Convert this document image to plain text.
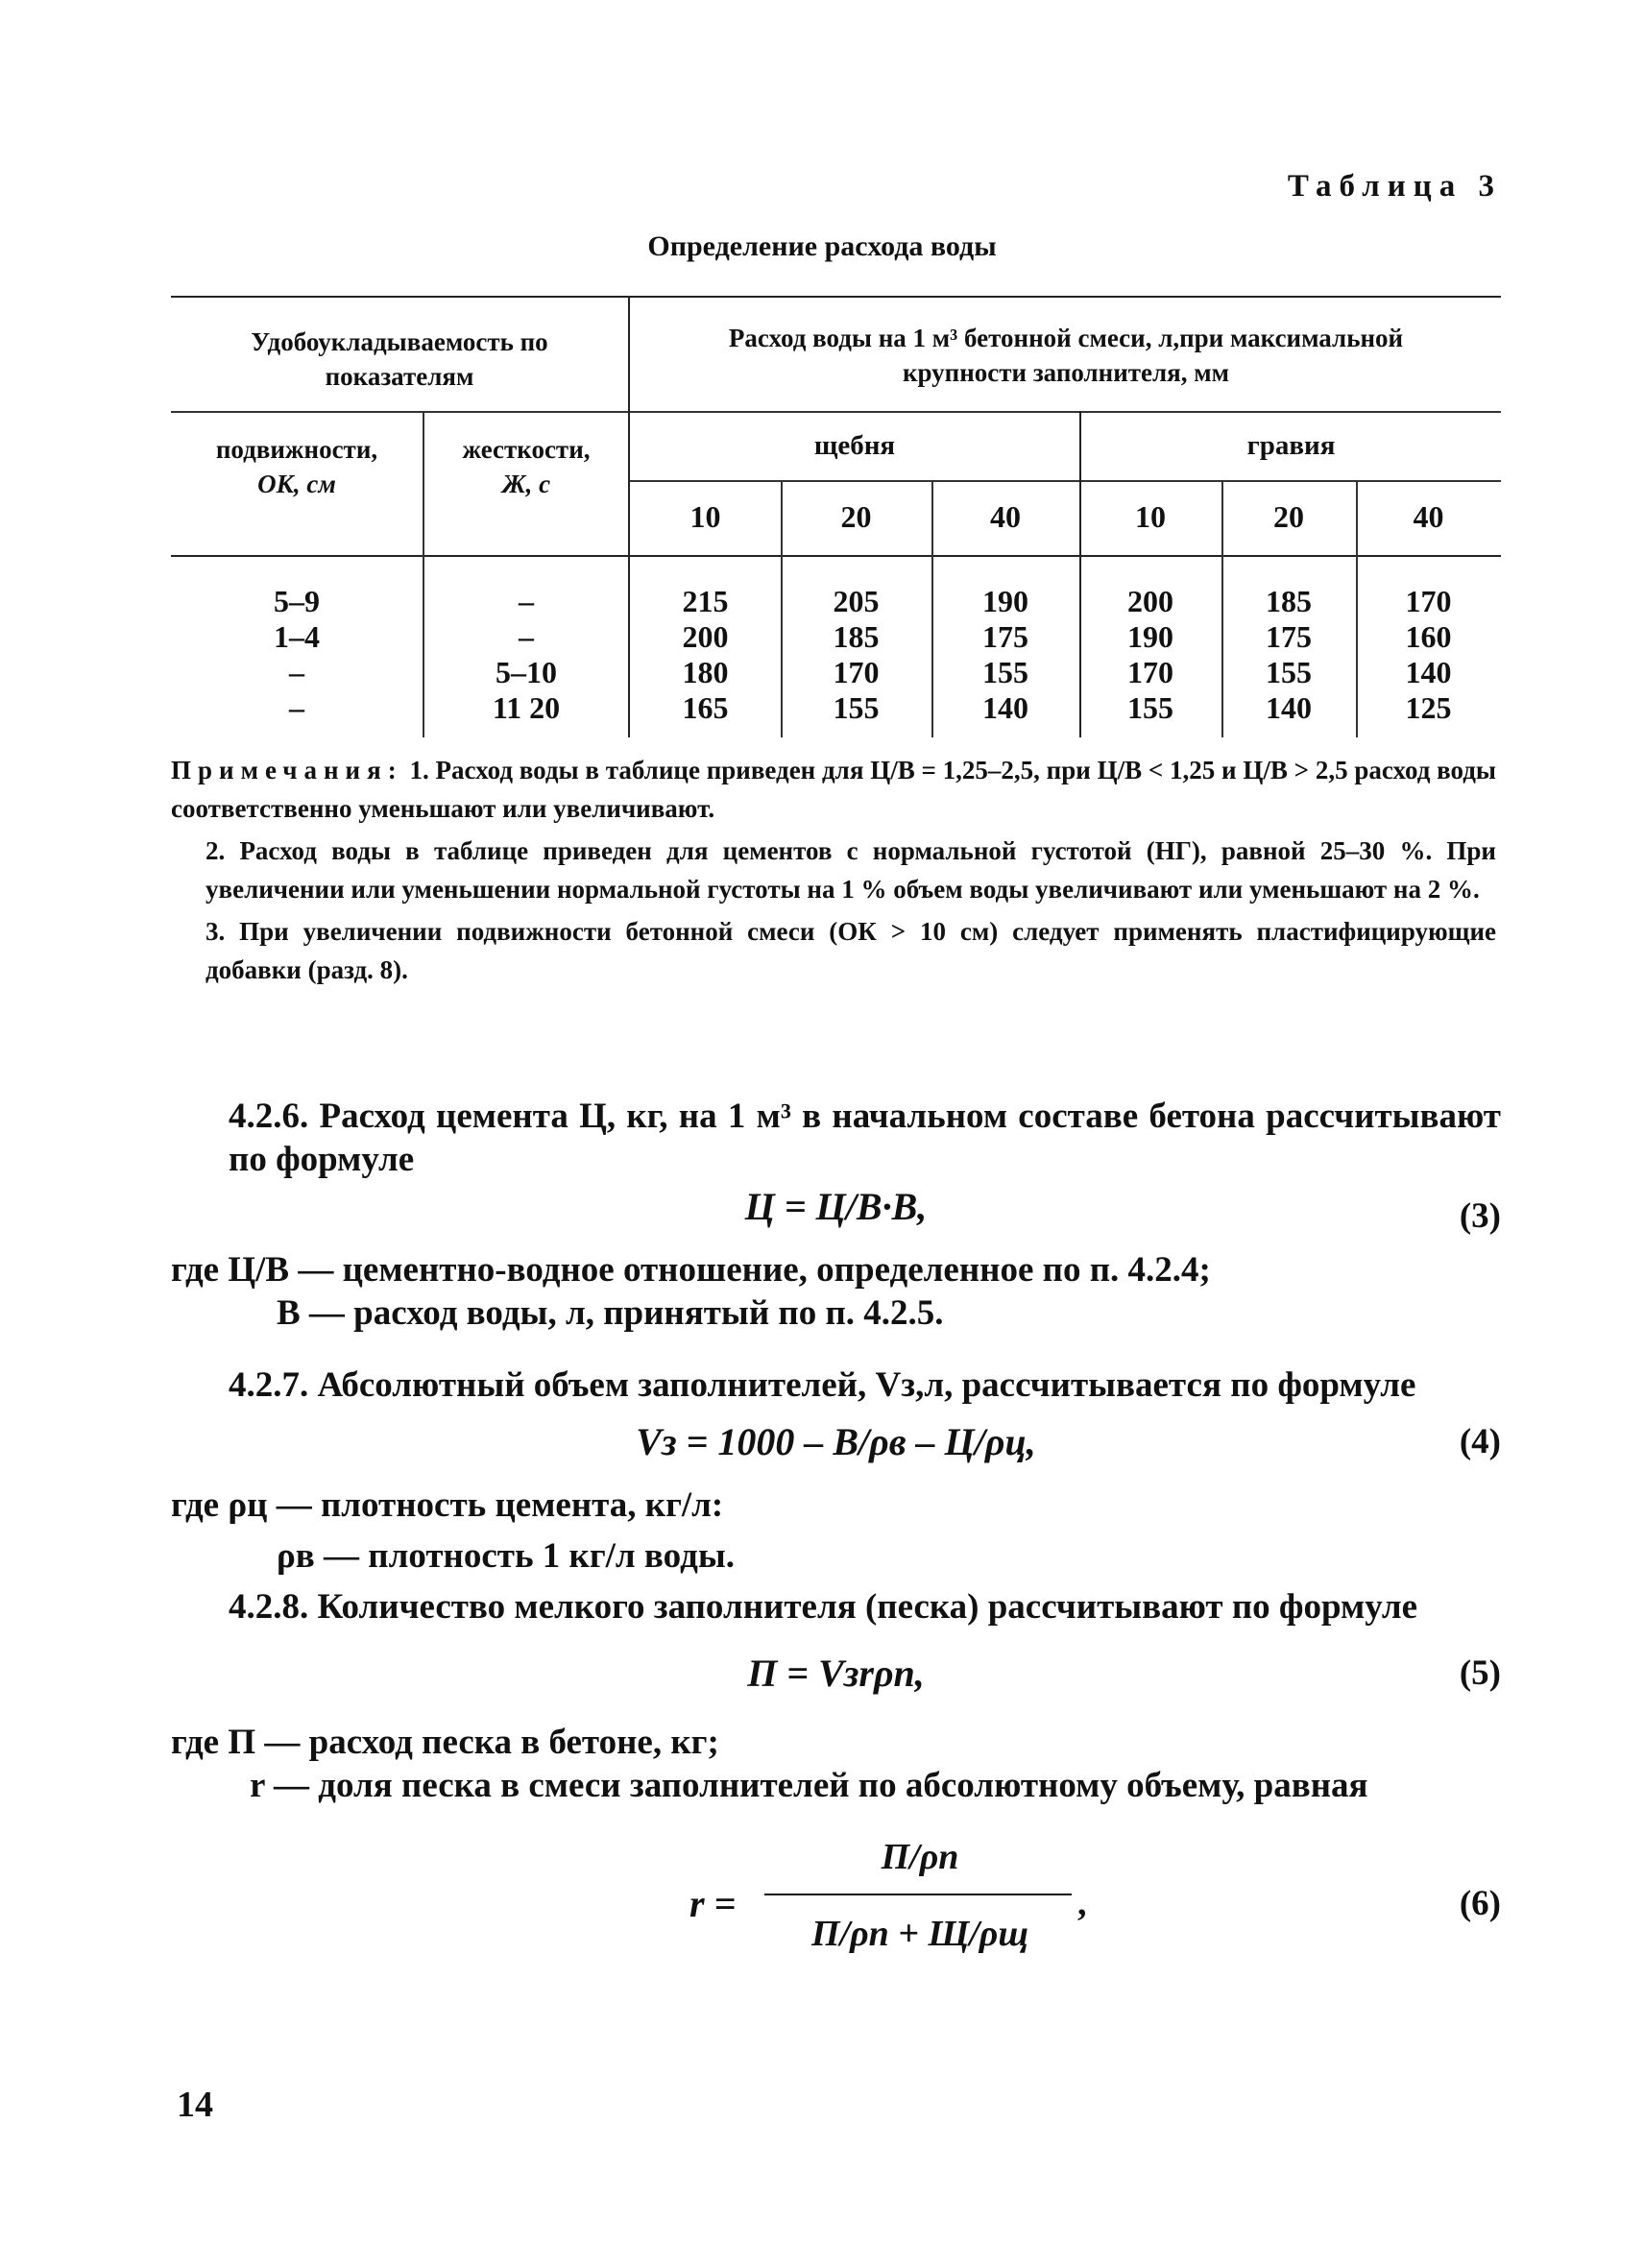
Таблица 3
Определение расхода воды
Удобоукладываемость по показателям
Расход воды на 1 м³ бетонной смеси, л,при максимальной крупности заполнителя, мм
подвижности,
ОК, см
жесткости,
Ж, с
щебня	гравия
10	20	40	10	20	40
5–9	–	215	205	190	200	185	170
1–4	–	200	185	175	190	175	160
–	5–10	180	170	155	170	155	140
–	11 20	165	155	140	155	140	125

Примечания: 1. Расход воды в таблице приведен для Ц/В = 1,25–2,5, при Ц/В < 1,25 и Ц/В > 2,5 расход воды соответственно уменьшают или увеличивают.

2. Расход воды в таблице приведен для цементов с нормальной густотой (НГ), равной 25–30 %. При увеличении или уменьшении нормальной густоты на 1 % объем воды увеличивают или уменьшают на 2 %.

3. При увеличении подвижности бетонной смеси (ОК > 10 см) следует применять пластифицирующие добавки (разд. 8).

4.2.6. Расход цемента Ц, кг, на 1 м³ в начальном составе бетона рассчитывают по формуле
Ц = Ц/В·В,	(3)
где Ц/В — цементно-водное отношение, определенное по п. 4.2.4;
В — расход воды, л, принятый по п. 4.2.5.
4.2.7. Абсолютный объем заполнителей, Vз,л, рассчитывается по формуле
Vз = 1000 – В/ρв – Ц/ρц,	(4)
где ρц — плотность цемента, кг/л:
ρв — плотность 1 кг/л воды.
4.2.8. Количество мелкого заполнителя (песка) рассчитывают по формуле
П = Vзrρп,	(5)
где П — расход песка в бетоне, кг;
r — доля песка в смеси заполнителей по абсолютному объему, равная
r =
П/ρп
П/ρп + Щ/ρщ
,	(6)
14
